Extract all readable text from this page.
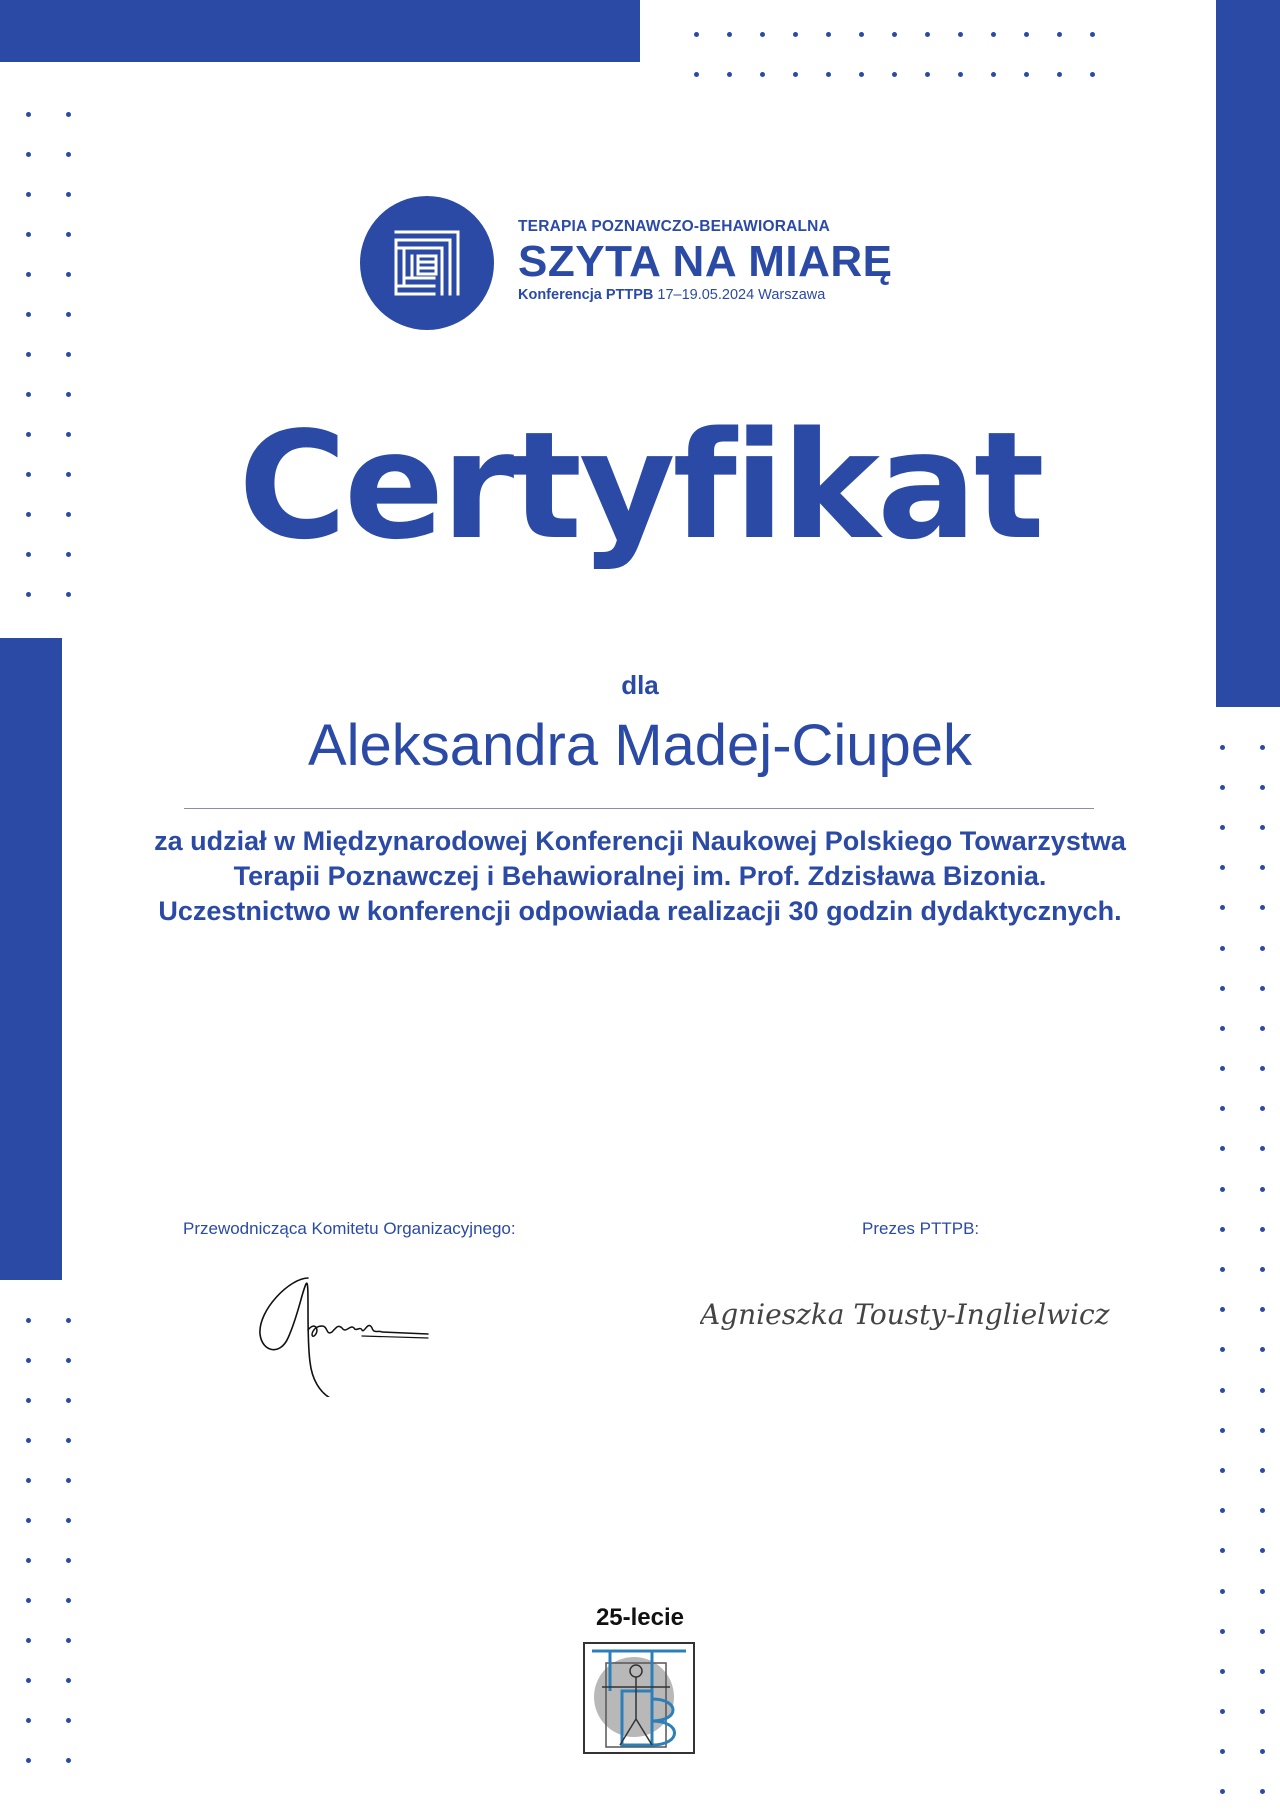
TERAPIA POZNAWCZO-BEHAWIORALNA
SZYTA NA MIARĘ
Konferencja PTTPB 17–19.05.2024 Warszawa
Certyfikat
dla
Aleksandra Madej-Ciupek
za udział w Międzynarodowej Konferencji Naukowej Polskiego Towarzystwa Terapii Poznawczej i Behawioralnej im. Prof. Zdzisława Bizonia. Uczestnictwo w konferencji odpowiada realizacji 30 godzin dydaktycznych.
Przewodnicząca Komitetu Organizacyjnego:	Prezes PTTPB:
Agnieszka Tousty-Inglielwicz
25-lecie
